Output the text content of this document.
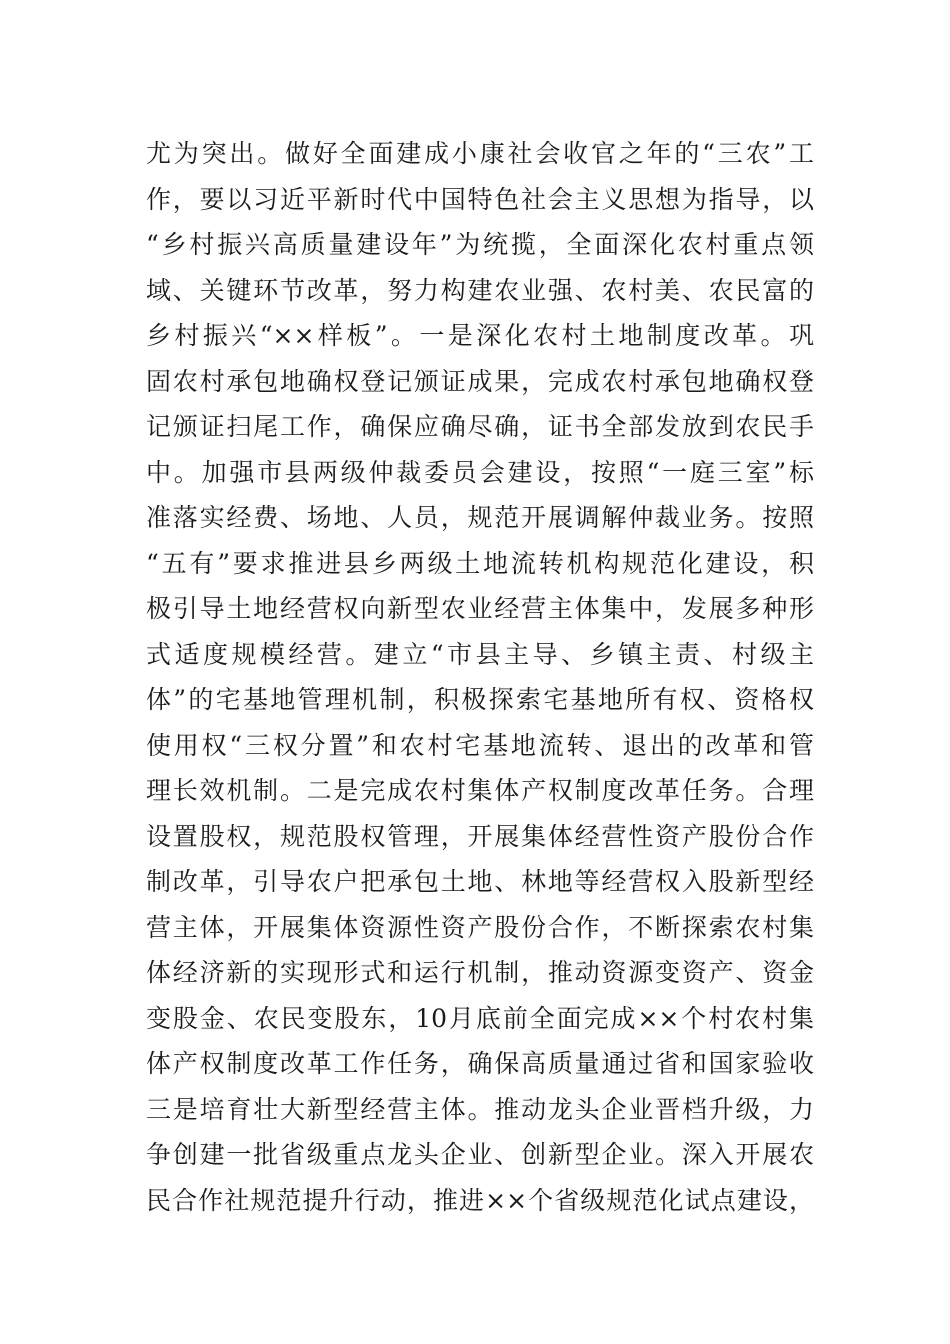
尤为突出。做好全面建成小康社会收官之年的“三农”工
作，要以习近平新时代中国特色社会主义思想为指导，以
“乡村振兴高质量建设年”为统揽，全面深化农村重点领
域、关键环节改革，努力构建农业强、农村美、农民富的
乡村振兴“××样板”。一是深化农村土地制度改革。巩
固农村承包地确权登记颁证成果，完成农村承包地确权登
记颁证扫尾工作，确保应确尽确，证书全部发放到农民手
中。加强市县两级仲裁委员会建设，按照“一庭三室”标
准落实经费、场地、人员，规范开展调解仲裁业务。按照
“五有”要求推进县乡两级土地流转机构规范化建设，积
极引导土地经营权向新型农业经营主体集中，发展多种形
式适度规模经营。建立“市县主导、乡镇主责、村级主
体”的宅基地管理机制，积极探索宅基地所有权、资格权
使用权“三权分置”和农村宅基地流转、退出的改革和管
理长效机制。二是完成农村集体产权制度改革任务。合理
设置股权，规范股权管理，开展集体经营性资产股份合作
制改革，引导农户把承包土地、林地等经营权入股新型经
营主体，开展集体资源性资产股份合作，不断探索农村集
体经济新的实现形式和运行机制，推动资源变资产、资金
变股金、农民变股东，10月底前全面完成××个村农村集
体产权制度改革工作任务，确保高质量通过省和国家验收
三是培育壮大新型经营主体。推动龙头企业晋档升级，力
争创建一批省级重点龙头企业、创新型企业。深入开展农
民合作社规范提升行动，推进××个省级规范化试点建设，
